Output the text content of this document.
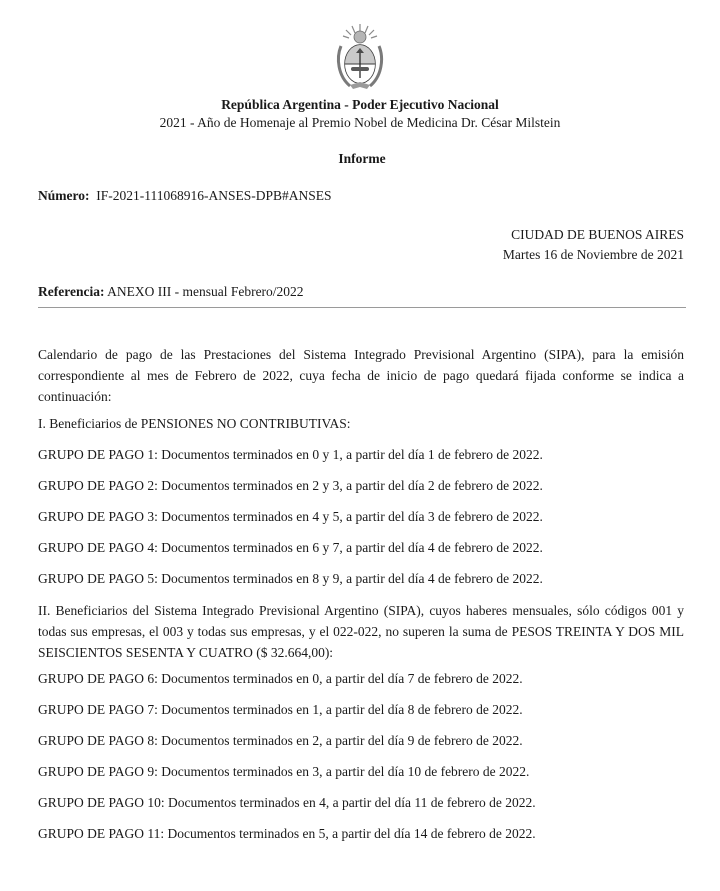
República Argentina - Poder Ejecutivo Nacional
2021 - Año de Homenaje al Premio Nobel de Medicina Dr. César Milstein
Informe
Número: IF-2021-111068916-ANSES-DPB#ANSES
CIUDAD DE BUENOS AIRES
Martes 16 de Noviembre de 2021
Referencia: ANEXO III - mensual Febrero/2022
Calendario de pago de las Prestaciones del Sistema Integrado Previsional Argentino (SIPA), para la emisión correspondiente al mes de Febrero de 2022, cuya fecha de inicio de pago quedará fijada conforme se indica a continuación:
I. Beneficiarios de PENSIONES NO CONTRIBUTIVAS:
GRUPO DE PAGO 1: Documentos terminados en 0 y 1, a partir del día 1 de febrero de 2022.
GRUPO DE PAGO 2: Documentos terminados en 2 y 3, a partir del día 2 de febrero de 2022.
GRUPO DE PAGO 3: Documentos terminados en 4 y 5, a partir del día 3 de febrero de 2022.
GRUPO DE PAGO 4: Documentos terminados en 6 y 7, a partir del día 4 de febrero de 2022.
GRUPO DE PAGO 5: Documentos terminados en 8 y 9, a partir del día 4 de febrero de 2022.
II. Beneficiarios del Sistema Integrado Previsional Argentino (SIPA), cuyos haberes mensuales, sólo códigos 001 y todas sus empresas, el 003 y todas sus empresas, y el 022-022, no superen la suma de PESOS TREINTA Y DOS MIL SEISCIENTOS SESENTA Y CUATRO ($ 32.664,00):
GRUPO DE PAGO 6: Documentos terminados en 0, a partir del día 7 de febrero de 2022.
GRUPO DE PAGO 7: Documentos terminados en 1, a partir del día 8 de febrero de 2022.
GRUPO DE PAGO 8: Documentos terminados en 2, a partir del día 9 de febrero de 2022.
GRUPO DE PAGO 9: Documentos terminados en 3, a partir del día 10 de febrero de 2022.
GRUPO DE PAGO 10: Documentos terminados en 4, a partir del día 11 de febrero de 2022.
GRUPO DE PAGO 11: Documentos terminados en 5, a partir del día 14 de febrero de 2022.
